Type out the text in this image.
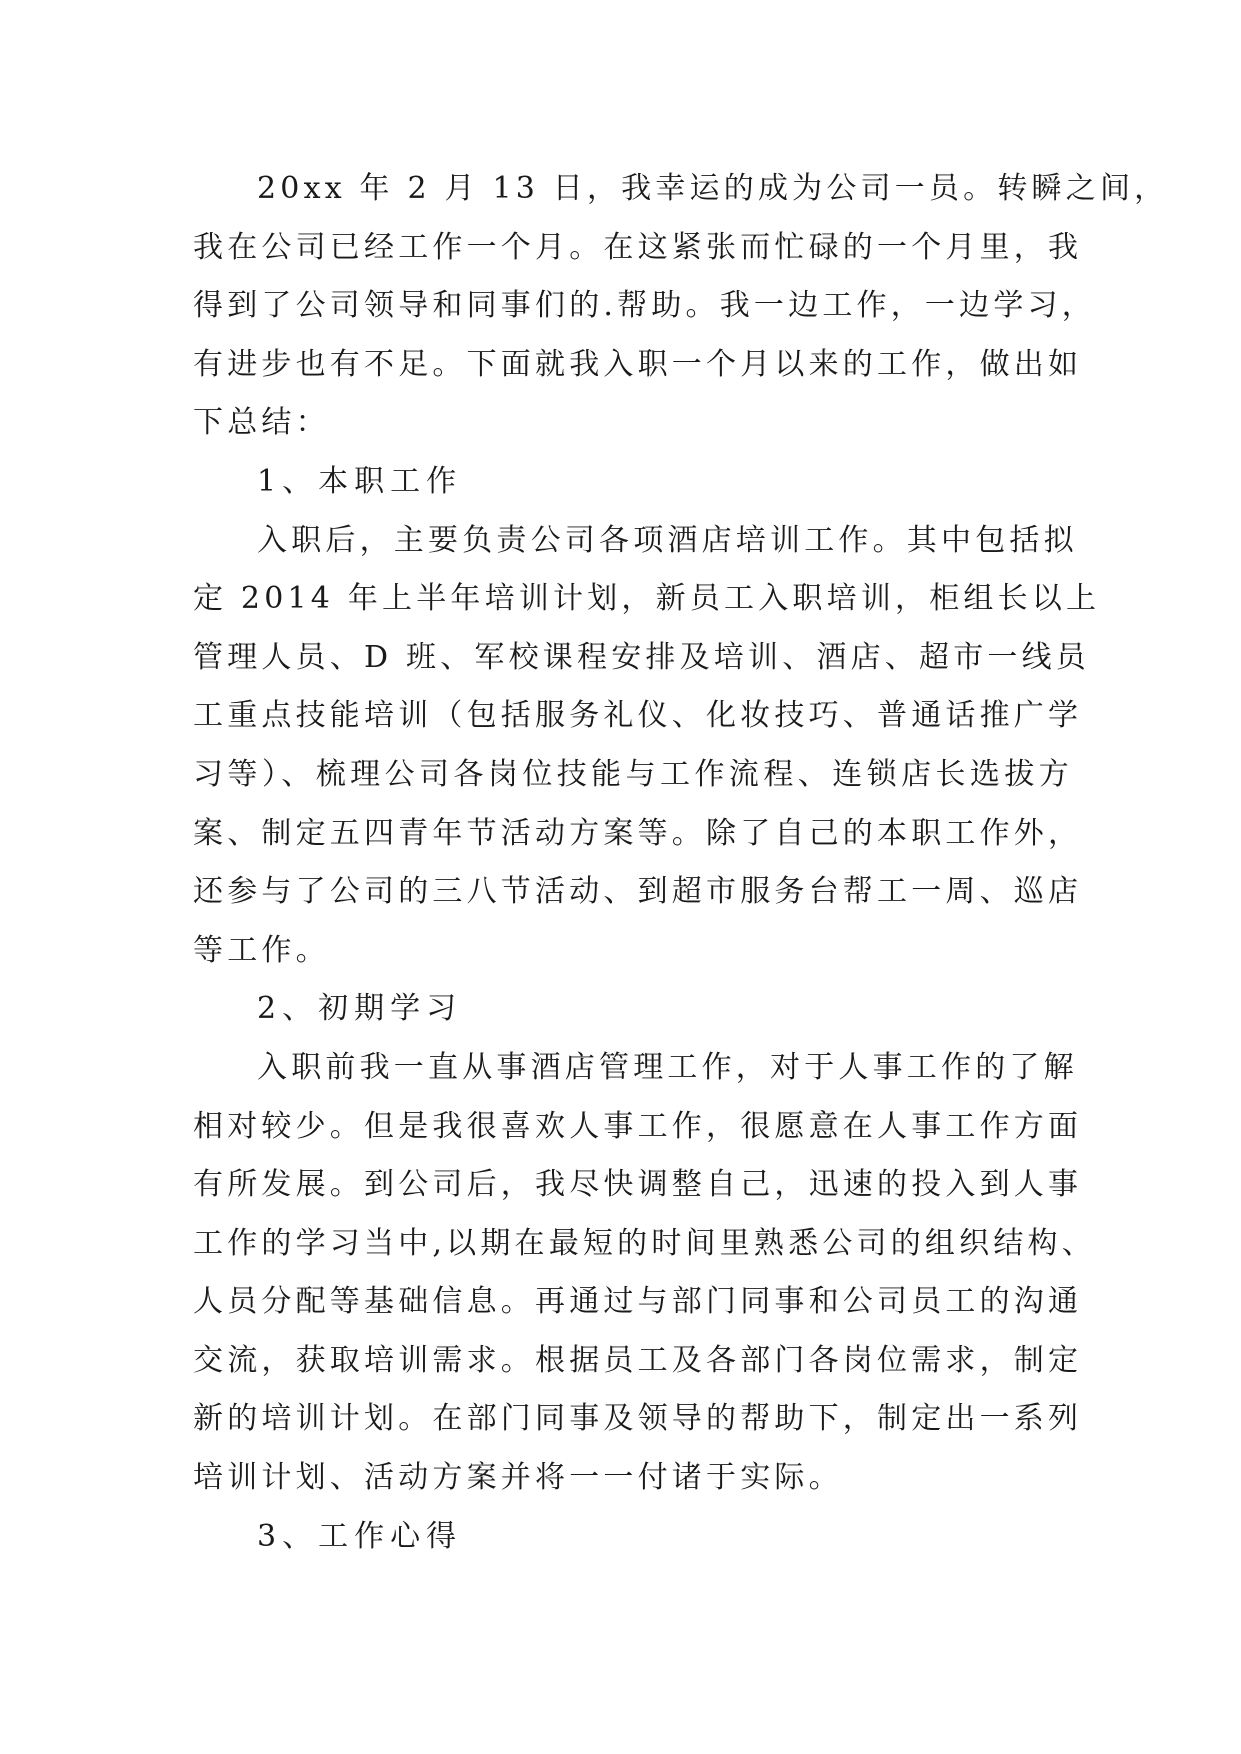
20xx 年 2 月 13 日，我幸运的成为公司一员。转瞬之间，
我在公司已经工作一个月。在这紧张而忙碌的一个月里，我
得到了公司领导和同事们的.帮助。我一边工作，一边学习，
有进步也有不足。下面就我入职一个月以来的工作，做出如
下总结：
1、本职工作
入职后，主要负责公司各项酒店培训工作。其中包括拟
定 2014 年上半年培训计划，新员工入职培训，柜组长以上
管理人员、D 班、军校课程安排及培训、酒店、超市一线员
工重点技能培训（包括服务礼仪、化妆技巧、普通话推广学
习等）、梳理公司各岗位技能与工作流程、连锁店长选拔方
案、制定五四青年节活动方案等。除了自己的本职工作外，
还参与了公司的三八节活动、到超市服务台帮工一周、巡店
等工作。
2、初期学习
入职前我一直从事酒店管理工作，对于人事工作的了解
相对较少。但是我很喜欢人事工作，很愿意在人事工作方面
有所发展。到公司后，我尽快调整自己，迅速的投入到人事
工作的学习当中,以期在最短的时间里熟悉公司的组织结构、
人员分配等基础信息。再通过与部门同事和公司员工的沟通
交流，获取培训需求。根据员工及各部门各岗位需求，制定
新的培训计划。在部门同事及领导的帮助下，制定出一系列
培训计划、活动方案并将一一付诸于实际。
3、工作心得
